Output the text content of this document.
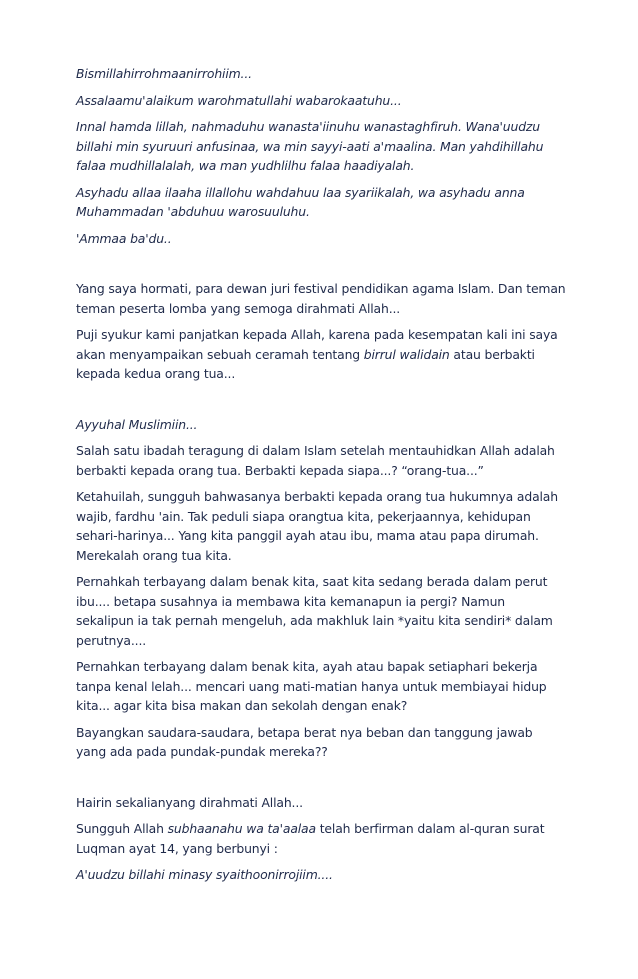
Bismillahirrohmaanirrohiim...

Assalaamu'alaikum warohmatullahi wabarokaatuhu...

Innal hamda lillah, nahmaduhu wanasta'iinuhu wanastaghfiruh. Wana'uudzu billahi min syuruuri anfusinaa, wa min sayyi-aati a'maalina. Man yahdihillahu falaa mudhillalalah, wa man yudhlilhu falaa haadiyalah.

Asyhadu allaa ilaaha illallohu wahdahuu laa syariikalah, wa asyhadu anna Muhammadan 'abduhuu warosuuluhu.

'Ammaa ba'du..

Yang saya hormati, para dewan juri festival pendidikan agama Islam. Dan teman teman peserta lomba yang semoga dirahmati Allah...

Puji syukur kami panjatkan kepada Allah, karena pada kesempatan kali ini saya akan menyampaikan sebuah ceramah tentang birrul walidain atau berbakti kepada kedua orang tua...

Ayyuhal Muslimiin...

Salah satu ibadah teragung di dalam Islam setelah mentauhidkan Allah adalah berbakti kepada orang tua. Berbakti kepada siapa...? “orang-tua...”

Ketahuilah, sungguh bahwasanya berbakti kepada orang tua hukumnya adalah wajib, fardhu 'ain. Tak peduli siapa orangtua kita, pekerjaannya, kehidupan sehari-harinya... Yang kita panggil ayah atau ibu, mama atau papa dirumah. Merekalah orang tua kita.

Pernahkah terbayang dalam benak kita, saat kita sedang berada dalam perut ibu.... betapa susahnya ia membawa kita kemanapun ia pergi? Namun sekalipun ia tak pernah mengeluh, ada makhluk lain *yaitu kita sendiri* dalam perutnya....

Pernahkan terbayang dalam benak kita, ayah atau bapak setiaphari bekerja tanpa kenal lelah... mencari uang mati-matian hanya untuk membiayai hidup kita... agar kita bisa makan dan sekolah dengan enak?

Bayangkan saudara-saudara, betapa berat nya beban dan tanggung jawab yang ada pada pundak-pundak mereka??

Hairin sekalianyang dirahmati Allah...

Sungguh Allah subhaanahu wa ta'aalaa telah berfirman dalam al-quran surat Luqman ayat 14, yang berbunyi :

A'uudzu billahi minasy syaithoonirrojiim....
